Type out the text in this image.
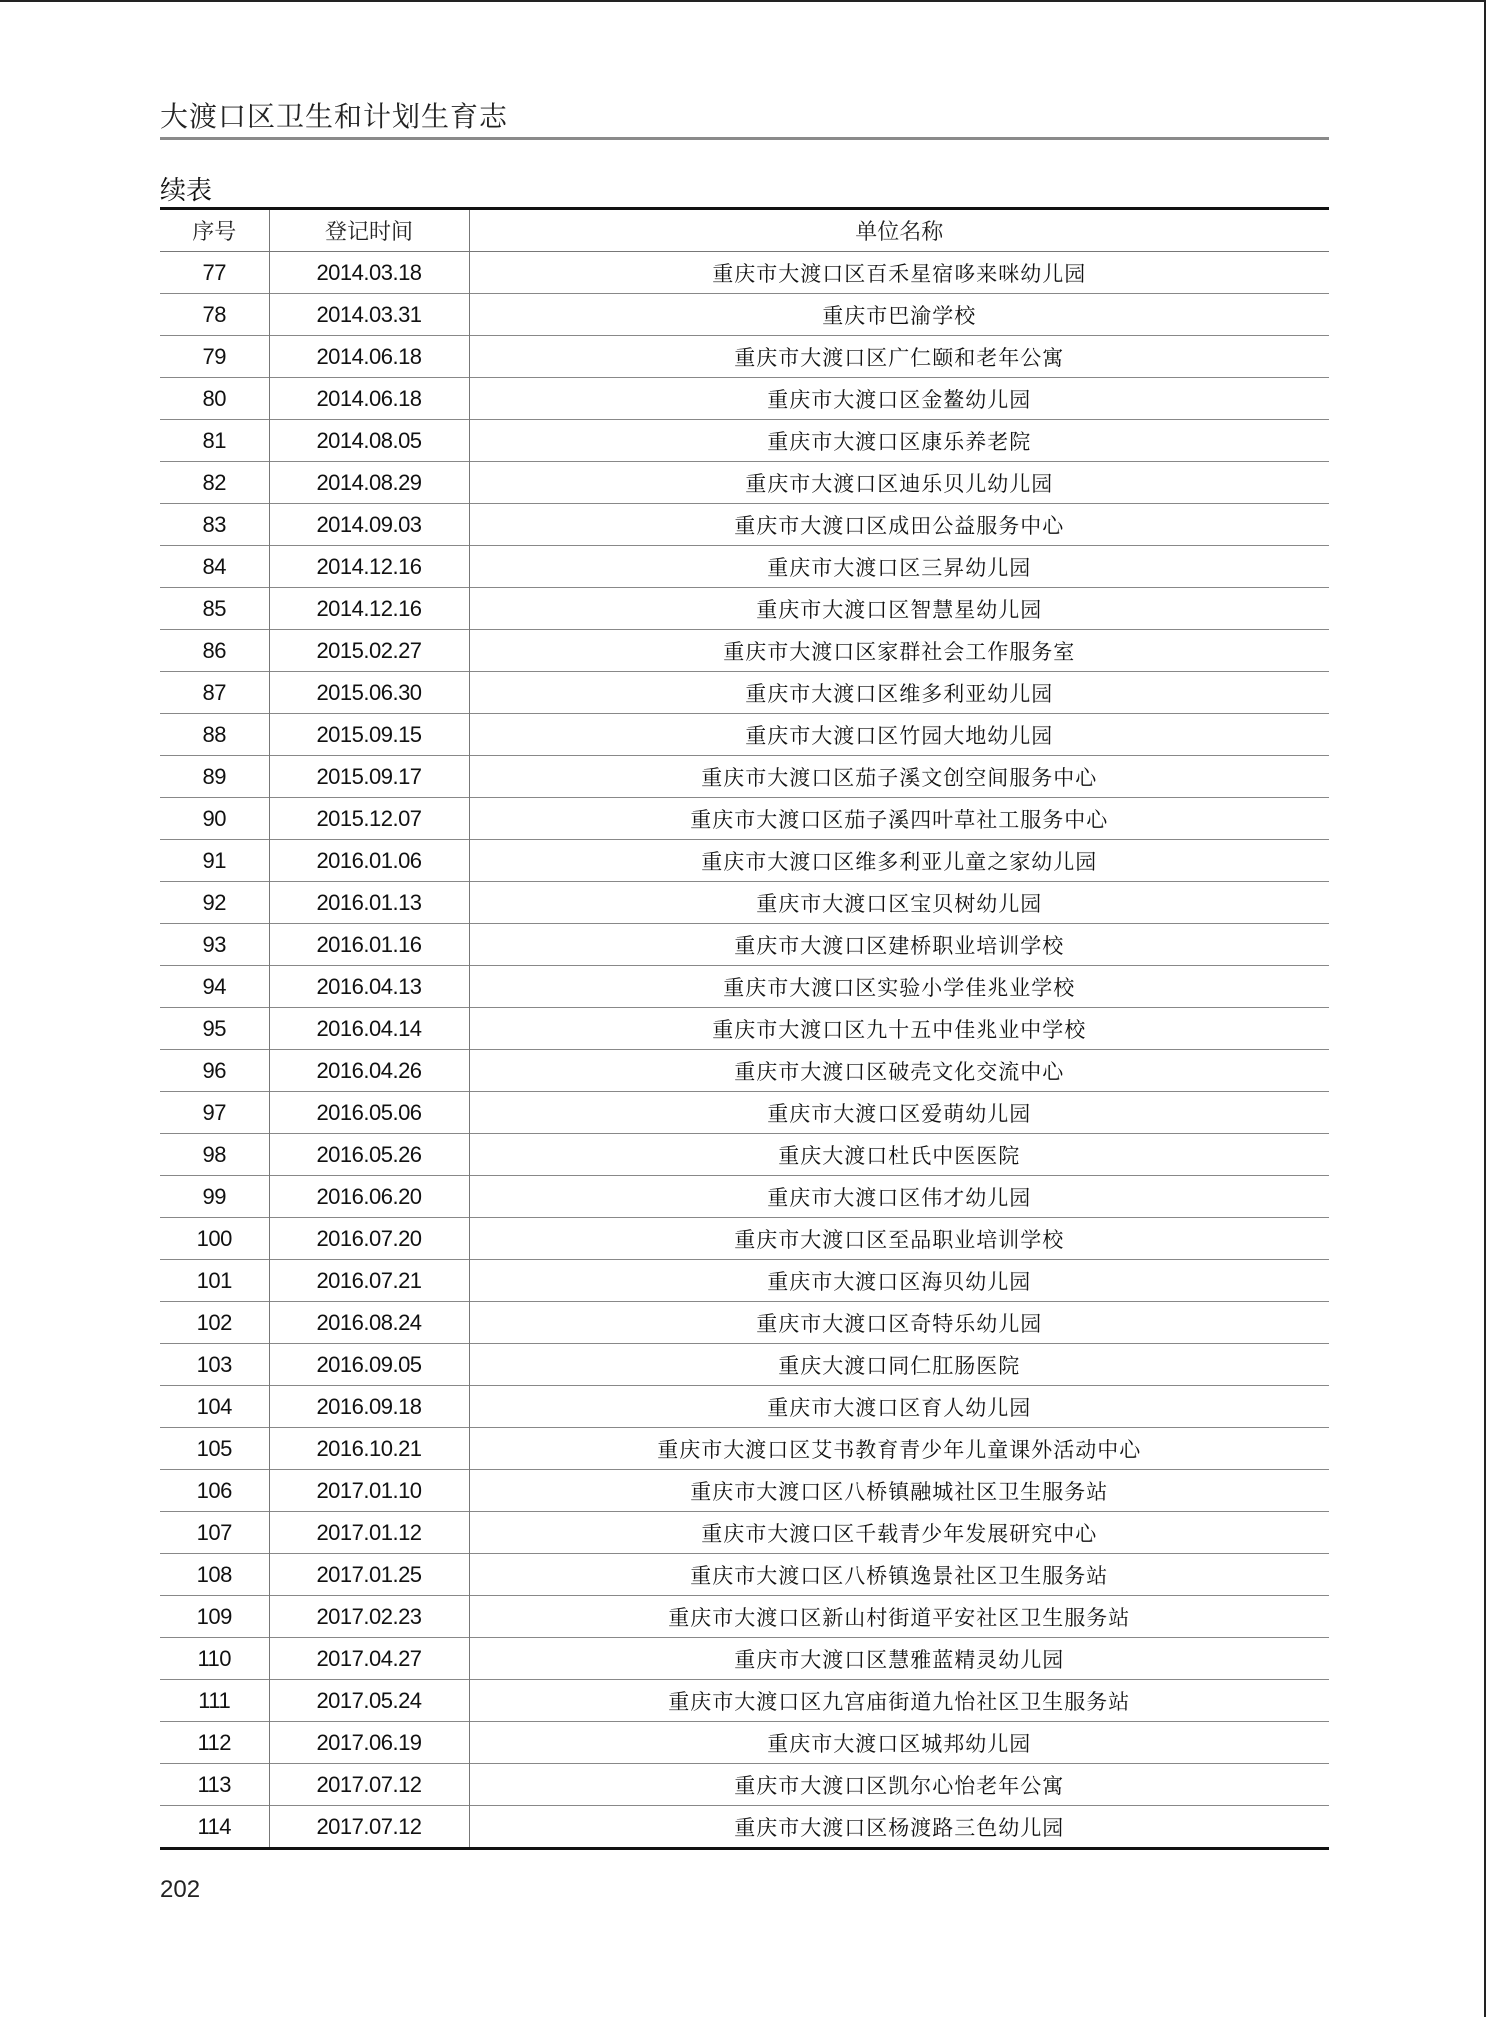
大渡口区卫生和计划生育志
续表
序号	登记时间	单位名称
77	2014.03.18	重庆市大渡口区百禾星宿哆来咪幼儿园
78	2014.03.31	重庆市巴渝学校
79	2014.06.18	重庆市大渡口区广仁颐和老年公寓
80	2014.06.18	重庆市大渡口区金鳌幼儿园
81	2014.08.05	重庆市大渡口区康乐养老院
82	2014.08.29	重庆市大渡口区迪乐贝儿幼儿园
83	2014.09.03	重庆市大渡口区成田公益服务中心
84	2014.12.16	重庆市大渡口区三昇幼儿园
85	2014.12.16	重庆市大渡口区智慧星幼儿园
86	2015.02.27	重庆市大渡口区家群社会工作服务室
87	2015.06.30	重庆市大渡口区维多利亚幼儿园
88	2015.09.15	重庆市大渡口区竹园大地幼儿园
89	2015.09.17	重庆市大渡口区茄子溪文创空间服务中心
90	2015.12.07	重庆市大渡口区茄子溪四叶草社工服务中心
91	2016.01.06	重庆市大渡口区维多利亚儿童之家幼儿园
92	2016.01.13	重庆市大渡口区宝贝树幼儿园
93	2016.01.16	重庆市大渡口区建桥职业培训学校
94	2016.04.13	重庆市大渡口区实验小学佳兆业学校
95	2016.04.14	重庆市大渡口区九十五中佳兆业中学校
96	2016.04.26	重庆市大渡口区破壳文化交流中心
97	2016.05.06	重庆市大渡口区爱萌幼儿园
98	2016.05.26	重庆大渡口杜氏中医医院
99	2016.06.20	重庆市大渡口区伟才幼儿园
100	2016.07.20	重庆市大渡口区至品职业培训学校
101	2016.07.21	重庆市大渡口区海贝幼儿园
102	2016.08.24	重庆市大渡口区奇特乐幼儿园
103	2016.09.05	重庆大渡口同仁肛肠医院
104	2016.09.18	重庆市大渡口区育人幼儿园
105	2016.10.21	重庆市大渡口区艾书教育青少年儿童课外活动中心
106	2017.01.10	重庆市大渡口区八桥镇融城社区卫生服务站
107	2017.01.12	重庆市大渡口区千载青少年发展研究中心
108	2017.01.25	重庆市大渡口区八桥镇逸景社区卫生服务站
109	2017.02.23	重庆市大渡口区新山村街道平安社区卫生服务站
110	2017.04.27	重庆市大渡口区慧雅蓝精灵幼儿园
111	2017.05.24	重庆市大渡口区九宫庙街道九怡社区卫生服务站
112	2017.06.19	重庆市大渡口区城邦幼儿园
113	2017.07.12	重庆市大渡口区凯尔心怡老年公寓
114	2017.07.12	重庆市大渡口区杨渡路三色幼儿园
202
